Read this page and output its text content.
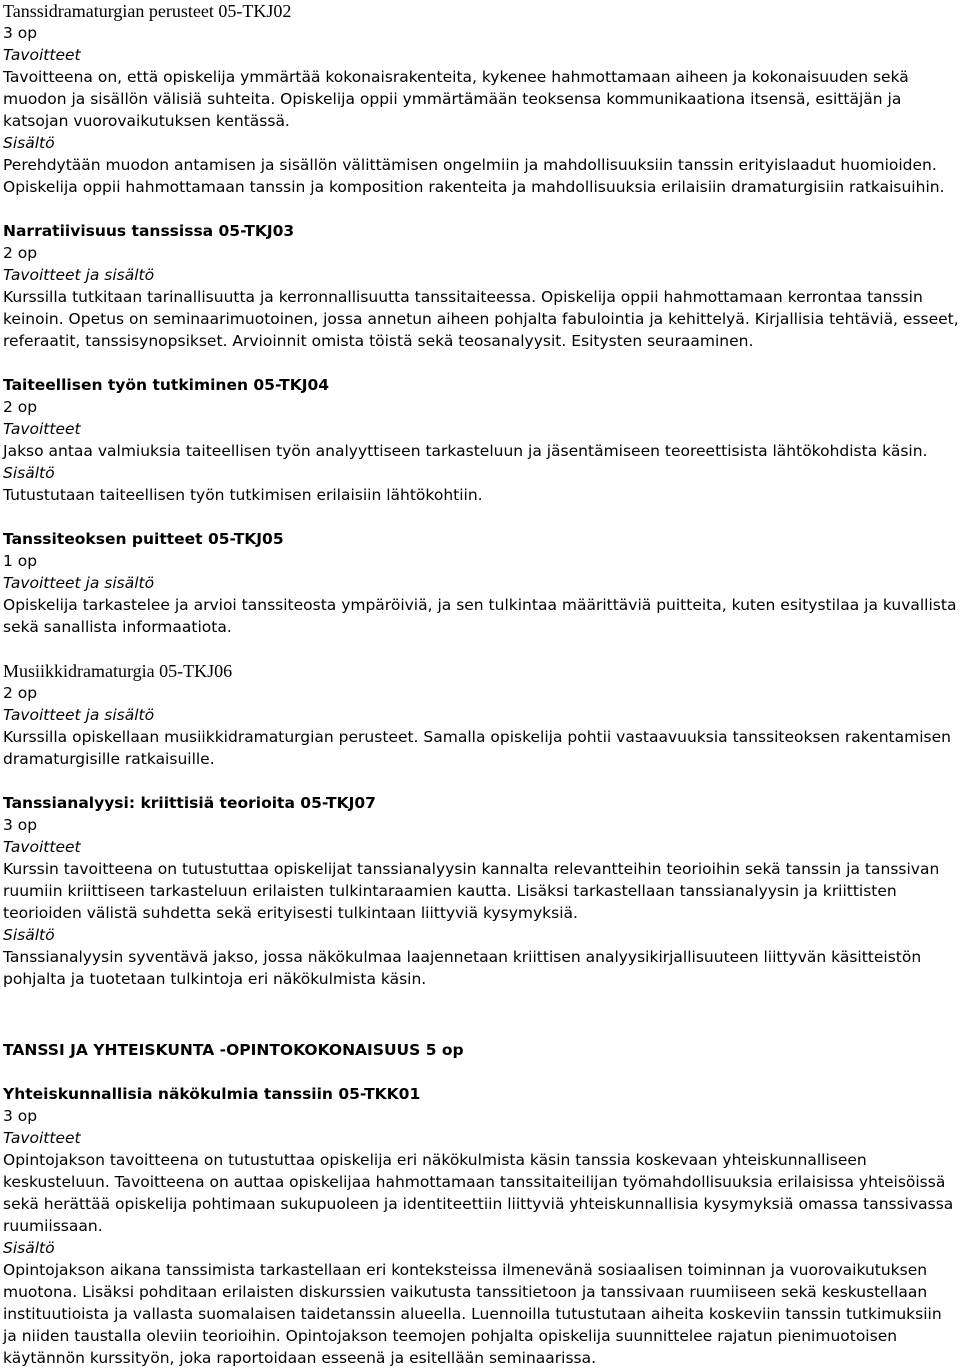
Tanssidramaturgian perusteet 05-TKJ02

3 op

Tavoitteet

Tavoitteena on, että opiskelija ymmärtää kokonaisrakenteita, kykenee hahmottamaan aiheen ja kokonaisuuden sekä muodon ja sisällön välisiä suhteita. Opiskelija oppii ymmärtämään teoksensa kommunikaationa itsensä, esittäjän ja katsojan vuorovaikutuksen kentässä.

Sisältö

Perehdytään muodon antamisen ja sisällön välittämisen ongelmiin ja mahdollisuuksiin tanssin erityislaadut huomioiden. Opiskelija oppii hahmottamaan tanssin ja komposition rakenteita ja mahdollisuuksia erilaisiin dramaturgisiin ratkaisuihin.

Narratiivisuus tanssissa 05-TKJ03

2 op

Tavoitteet ja sisältö

Kurssilla tutkitaan tarinallisuutta ja kerronnallisuutta tanssitaiteessa. Opiskelija oppii hahmottamaan kerrontaa tanssin keinoin. Opetus on seminaarimuotoinen, jossa annetun aiheen pohjalta fabulointia ja kehittelyä. Kirjallisia tehtäviä, esseet, referaatit, tanssisynopsikset. Arvioinnit omista töistä sekä teosanalyysit. Esitysten seuraaminen.

Taiteellisen työn tutkiminen 05-TKJ04

2 op

Tavoitteet

Jakso antaa valmiuksia taiteellisen työn analyyttiseen tarkasteluun ja jäsentämiseen teoreettisista lähtökohdista käsin.

Sisältö

Tutustutaan taiteellisen työn tutkimisen erilaisiin lähtökohtiin.

Tanssiteoksen puitteet 05-TKJ05

1 op

Tavoitteet ja sisältö

Opiskelija tarkastelee ja arvioi tanssiteosta ympäröiviä, ja sen tulkintaa määrittäviä puitteita, kuten esitystilaa ja kuvallista sekä sanallista informaatiota.

Musiikkidramaturgia 05-TKJ06

2 op

Tavoitteet ja sisältö

Kurssilla opiskellaan musiikkidramaturgian perusteet. Samalla opiskelija pohtii vastaavuuksia tanssiteoksen rakentamisen dramaturgisille ratkaisuille.

Tanssianalyysi: kriittisiä teorioita 05-TKJ07

3 op

Tavoitteet

Kurssin tavoitteena on tutustuttaa opiskelijat tanssianalyysin kannalta relevantteihin teorioihin sekä tanssin ja tanssivan ruumiin kriittiseen tarkasteluun erilaisten tulkintaraamien kautta. Lisäksi tarkastellaan tanssianalyysin ja kriittisten teorioiden välistä suhdetta sekä erityisesti tulkintaan liittyviä kysymyksiä.

Sisältö

Tanssianalyysin syventävä jakso, jossa näkökulmaa laajennetaan kriittisen analyysikirjallisuuteen liittyvän käsitteistön pohjalta ja tuotetaan tulkintoja eri näkökulmista käsin.

TANSSI JA YHTEISKUNTA -OPINTOKOKONAISUUS 5 op

Yhteiskunnallisia näkökulmia tanssiin 05-TKK01

3 op

Tavoitteet

Opintojakson tavoitteena on tutustuttaa opiskelija eri näkökulmista käsin tanssia koskevaan yhteiskunnalliseen keskusteluun. Tavoitteena on auttaa opiskelijaa hahmottamaan tanssitaiteilijan työmahdollisuuksia erilaisissa yhteisöissä sekä herättää opiskelija pohtimaan sukupuoleen ja identiteettiin liittyviä yhteiskunnallisia kysymyksiä omassa tanssivassa ruumiissaan.

Sisältö

Opintojakson aikana tanssimista tarkastellaan eri konteksteissa ilmenevänä sosiaalisen toiminnan ja vuorovaikutuksen muotona. Lisäksi pohditaan erilaisten diskurssien vaikutusta tanssitietoon ja tanssivaan ruumiiseen sekä keskustellaan instituutioista ja vallasta suomalaisen taidetanssin alueella. Luennoilla tutustutaan aiheita koskeviin tanssin tutkimuksiin ja niiden taustalla oleviin teorioihin. Opintojakson teemojen pohjalta opiskelija suunnittelee rajatun pienimuotoisen käytännön kurssityön, joka raportoidaan esseenä ja esitellään seminaarissa.
